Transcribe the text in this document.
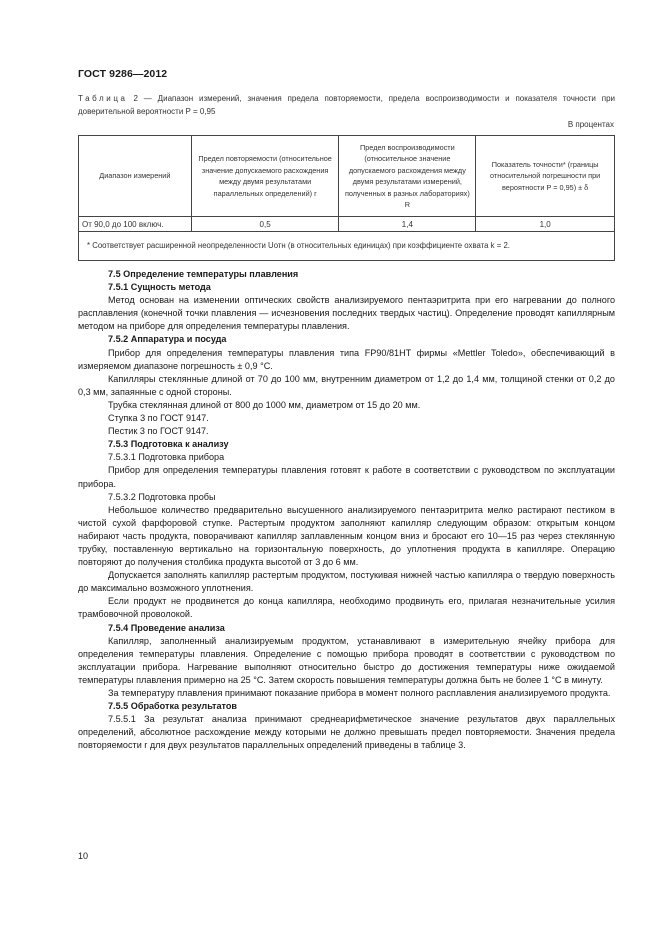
ГОСТ 9286—2012
Таблица 2 — Диапазон измерений, значения предела повторяемости, предела воспроизводимости и показателя точности при доверительной вероятности P = 0,95
В процентах
Диапазон измерений	Предел повторяемости (относительное значение допускаемого расхождения между двумя результатами параллельных определений) r	Предел воспроизводимости (относительное значение допускаемого расхождения между двумя результатами измерений, полученных в разных лабораториях) R	Показатель точности* (границы относительной погрешности при вероятности P = 0,95) ± δ
От 90,0 до 100 включ.	0,5	1,4	1,0
* Соответствует расширенной неопределенности Uотн (в относительных единицах) при коэффициенте охвата k = 2.			

7.5 Определение температуры плавления

7.5.1 Сущность метода

Метод основан на изменении оптических свойств анализируемого пентаэритрита при его нагревании до полного расплавления (конечной точки плавления — исчезновения последних твердых частиц). Определение проводят капиллярным методом на приборе для определения температуры плавления.

7.5.2 Аппаратура и посуда

Прибор для определения температуры плавления типа FP90/81HT фирмы «Mettler Toledo», обеспечивающий в измеряемом диапазоне погрешность ± 0,9 °С.

Капилляры стеклянные длиной от 70 до 100 мм, внутренним диаметром от 1,2 до 1,4 мм, толщиной стенки от 0,2 до 0,3 мм, запаянные с одной стороны.

Трубка стеклянная длиной от 800 до 1000 мм, диаметром от 15 до 20 мм.

Ступка 3 по ГОСТ 9147.

Пестик 3 по ГОСТ 9147.

7.5.3 Подготовка к анализу

7.5.3.1 Подготовка прибора

Прибор для определения температуры плавления готовят к работе в соответствии с руководством по эксплуатации прибора.

7.5.3.2 Подготовка пробы

Небольшое количество предварительно высушенного анализируемого пентаэритрита мелко растирают пестиком в чистой сухой фарфоровой ступке. Растертым продуктом заполняют капилляр следующим образом: открытым концом набирают часть продукта, поворачивают капилляр заплавленным концом вниз и бросают его 10—15 раз через стеклянную трубку, поставленную вертикально на горизонтальную поверхность, до уплотнения продукта в капилляре. Операцию повторяют до получения столбика продукта высотой от 3 до 6 мм.

Допускается заполнять капилляр растертым продуктом, постукивая нижней частью капилляра о твердую поверхность до максимально возможного уплотнения.

Если продукт не продвинется до конца капилляра, необходимо продвинуть его, прилагая незначительные усилия трамбовочной проволокой.

7.5.4 Проведение анализа

Капилляр, заполненный анализируемым продуктом, устанавливают в измерительную ячейку прибора для определения температуры плавления. Определение с помощью прибора проводят в соответствии с руководством по эксплуатации прибора. Нагревание выполняют относительно быстро до достижения температуры ниже ожидаемой температуры плавления примерно на 25 °С. Затем скорость повышения температуры должна быть не более 1 °С в минуту.

За температуру плавления принимают показание прибора в момент полного расплавления анализируемого продукта.

7.5.5 Обработка результатов

7.5.5.1 За результат анализа принимают среднеарифметическое значение результатов двух параллельных определений, абсолютное расхождение между которыми не должно превышать предел повторяемости. Значения предела повторяемости r для двух результатов параллельных определений приведены в таблице 3.

10
